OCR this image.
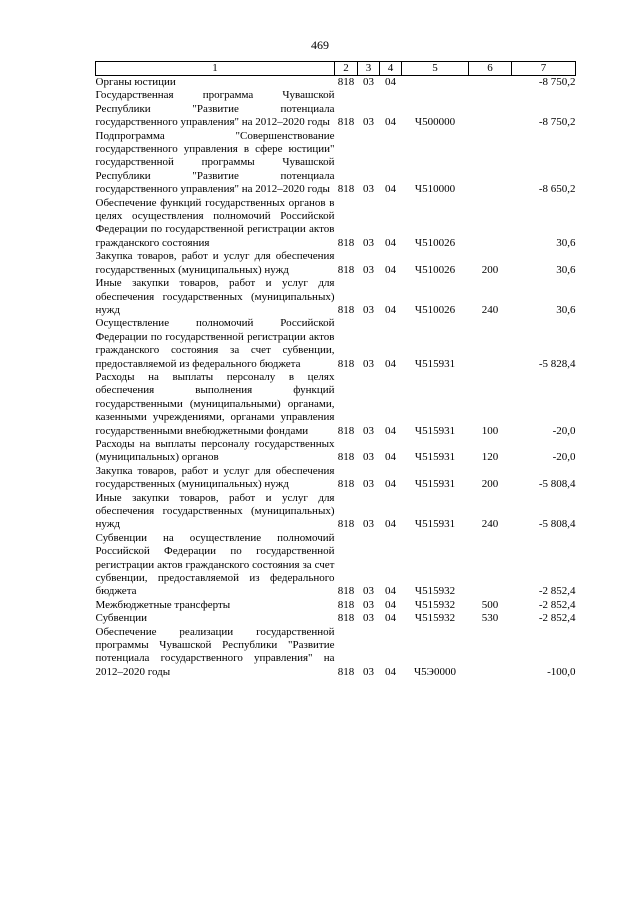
469
1	2	3	4	5	6	7
Органы юстиции	818	03	04			-8 750,2
Государственная программа Чувашской Республики "Развитие потенциала государственного управления" на 2012–2020 годы	818	03	04	Ч500000		-8 750,2
Подпрограмма "Совершенствование государственного управления в сфере юстиции" государственной программы Чувашской Республики "Развитие потенциала государственного управления" на 2012–2020 годы	818	03	04	Ч510000		-8 650,2
Обеспечение функций государственных органов в целях осуществления полномочий Российской Федерации по государственной регистрации актов гражданского состояния	818	03	04	Ч510026		30,6
Закупка товаров, работ и услуг для обеспечения государственных (муниципальных) нужд	818	03	04	Ч510026	200	30,6
Иные закупки товаров, работ и услуг для обеспечения государственных (муниципальных) нужд	818	03	04	Ч510026	240	30,6
Осуществление полномочий Российской Федерации по государственной регистрации актов гражданского состояния за счет субвенции, предоставляемой из федерального бюджета	818	03	04	Ч515931		-5 828,4
Расходы на выплаты персоналу в целях обеспечения выполнения функций государственными (муниципальными) органами, казенными учреждениями, органами управления государственными внебюджетными фондами	818	03	04	Ч515931	100	-20,0
Расходы на выплаты персоналу государственных (муниципальных) органов	818	03	04	Ч515931	120	-20,0
Закупка товаров, работ и услуг для обеспечения государственных (муниципальных) нужд	818	03	04	Ч515931	200	-5 808,4
Иные закупки товаров, работ и услуг для обеспечения государственных (муниципальных) нужд	818	03	04	Ч515931	240	-5 808,4
Субвенции на осуществление полномочий Российской Федерации по государственной регистрации актов гражданского состояния за счет субвенции, предоставляемой из федерального бюджета	818	03	04	Ч515932		-2 852,4
Межбюджетные трансферты	818	03	04	Ч515932	500	-2 852,4
Субвенции	818	03	04	Ч515932	530	-2 852,4
Обеспечение реализации государственной программы Чувашской Республики "Развитие потенциала государственного управления" на 2012–2020 годы	818	03	04	Ч5Э0000		-100,0
